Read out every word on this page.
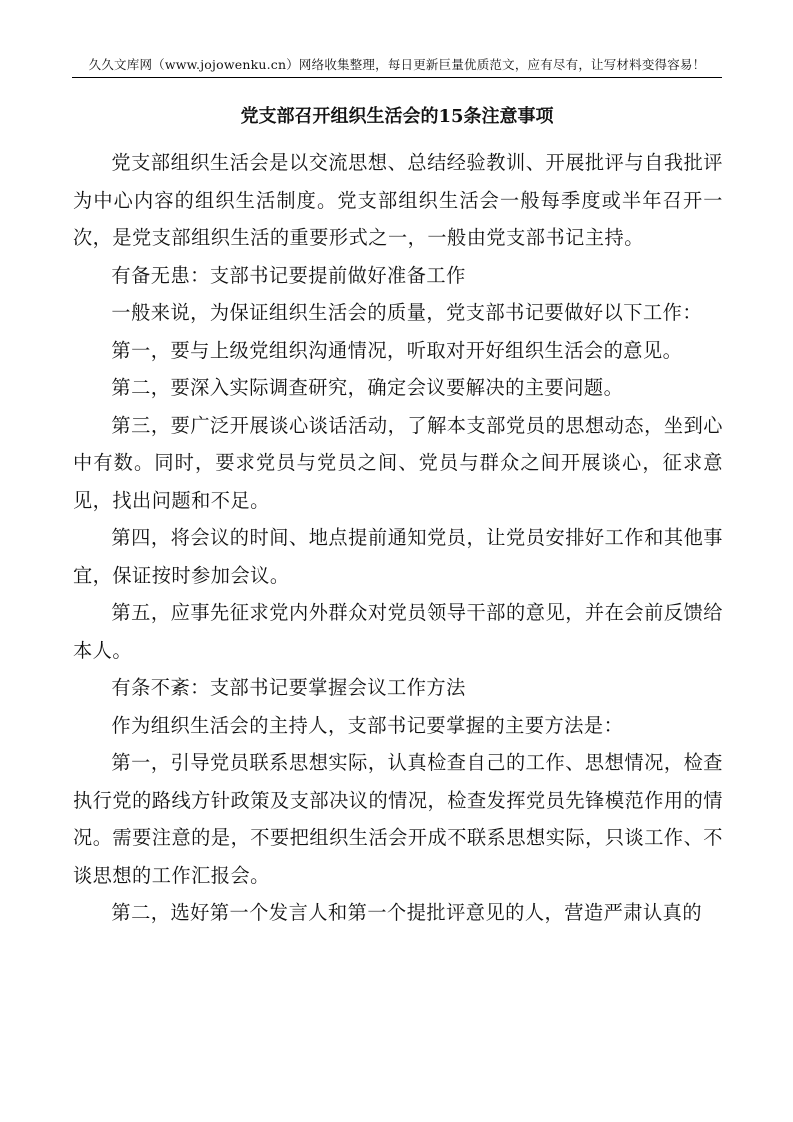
久久文库网（www.jojowenku.cn）网络收集整理，每日更新巨量优质范文，应有尽有，让写材料变得容易！
党支部召开组织生活会的15条注意事项

党支部组织生活会是以交流思想、总结经验教训、开展批评与自我批评为中心内容的组织生活制度。党支部组织生活会一般每季度或半年召开一次，是党支部组织生活的重要形式之一，一般由党支部书记主持。

有备无患：支部书记要提前做好准备工作

一般来说，为保证组织生活会的质量，党支部书记要做好以下工作：

第一，要与上级党组织沟通情况，听取对开好组织生活会的意见。

第二，要深入实际调查研究，确定会议要解决的主要问题。

第三，要广泛开展谈心谈话活动，了解本支部党员的思想动态，坐到心中有数。同时，要求党员与党员之间、党员与群众之间开展谈心，征求意见，找出问题和不足。

第四，将会议的时间、地点提前通知党员，让党员安排好工作和其他事宜，保证按时参加会议。

第五，应事先征求党内外群众对党员领导干部的意见，并在会前反馈给本人。

有条不紊：支部书记要掌握会议工作方法

作为组织生活会的主持人，支部书记要掌握的主要方法是：

第一，引导党员联系思想实际，认真检查自己的工作、思想情况，检查执行党的路线方针政策及支部决议的情况，检查发挥党员先锋模范作用的情况。需要注意的是，不要把组织生活会开成不联系思想实际，只谈工作、不谈思想的工作汇报会。

第二，选好第一个发言人和第一个提批评意见的人，营造严肃认真的
